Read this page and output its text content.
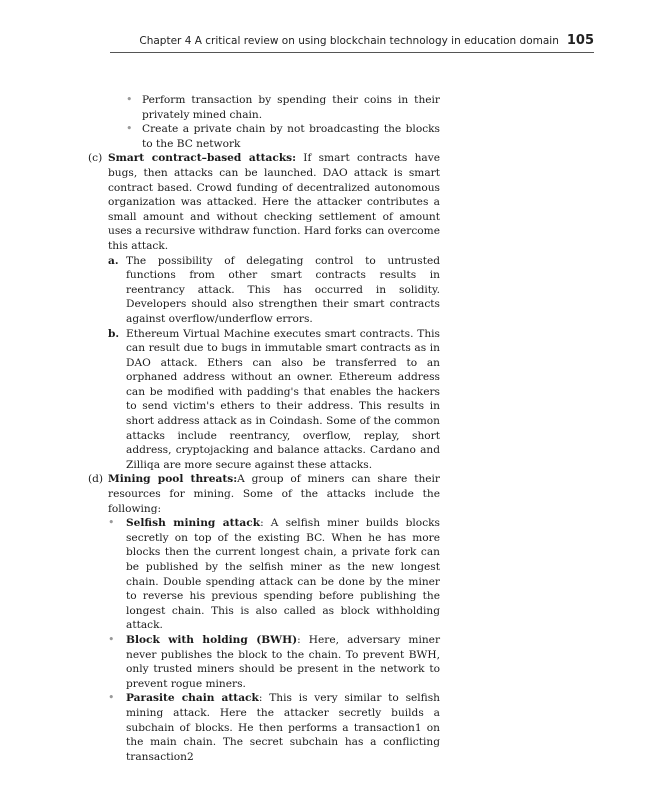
Chapter 4 A critical review on using blockchain technology in education domain 105
• Perform transaction by spending their coins in their privately mined chain.
• Create a private chain by not broadcasting the blocks to the BC network
(c) Smart contract–based attacks: If smart contracts have bugs, then attacks can be launched. DAO attack is smart contract based. Crowd funding of decentralized autonomous organization was attacked. Here the attacker contributes a small amount and without checking settlement of amount uses a recursive withdraw function. Hard forks can overcome this attack.
a. The possibility of delegating control to untrusted functions from other smart contracts results in reentrancy attack. This has occurred in solidity. Developers should also strengthen their smart contracts against overflow/underflow errors.
b. Ethereum Virtual Machine executes smart contracts. This can result due to bugs in immutable smart contracts as in DAO attack. Ethers can also be transferred to an orphaned address without an owner. Ethereum address can be modified with padding's that enables the hackers to send victim's ethers to their address. This results in short address attack as in Coindash. Some of the common attacks include reentrancy, overflow, replay, short address, cryptojacking and balance attacks. Cardano and Zilliqa are more secure against these attacks.
(d) Mining pool threats:A group of miners can share their resources for mining. Some of the attacks include the following:
• Selfish mining attack: A selfish miner builds blocks secretly on top of the existing BC. When he has more blocks then the current longest chain, a private fork can be published by the selfish miner as the new longest chain. Double spending attack can be done by the miner to reverse his previous spending before publishing the longest chain. This is also called as block withholding attack.
• Block with holding (BWH): Here, adversary miner never publishes the block to the chain. To prevent BWH, only trusted miners should be present in the network to prevent rogue miners.
• Parasite chain attack: This is very similar to selfish mining attack. Here the attacker secretly builds a subchain of blocks. He then performs a transaction1 on the main chain. The secret subchain has a conflicting transaction2
